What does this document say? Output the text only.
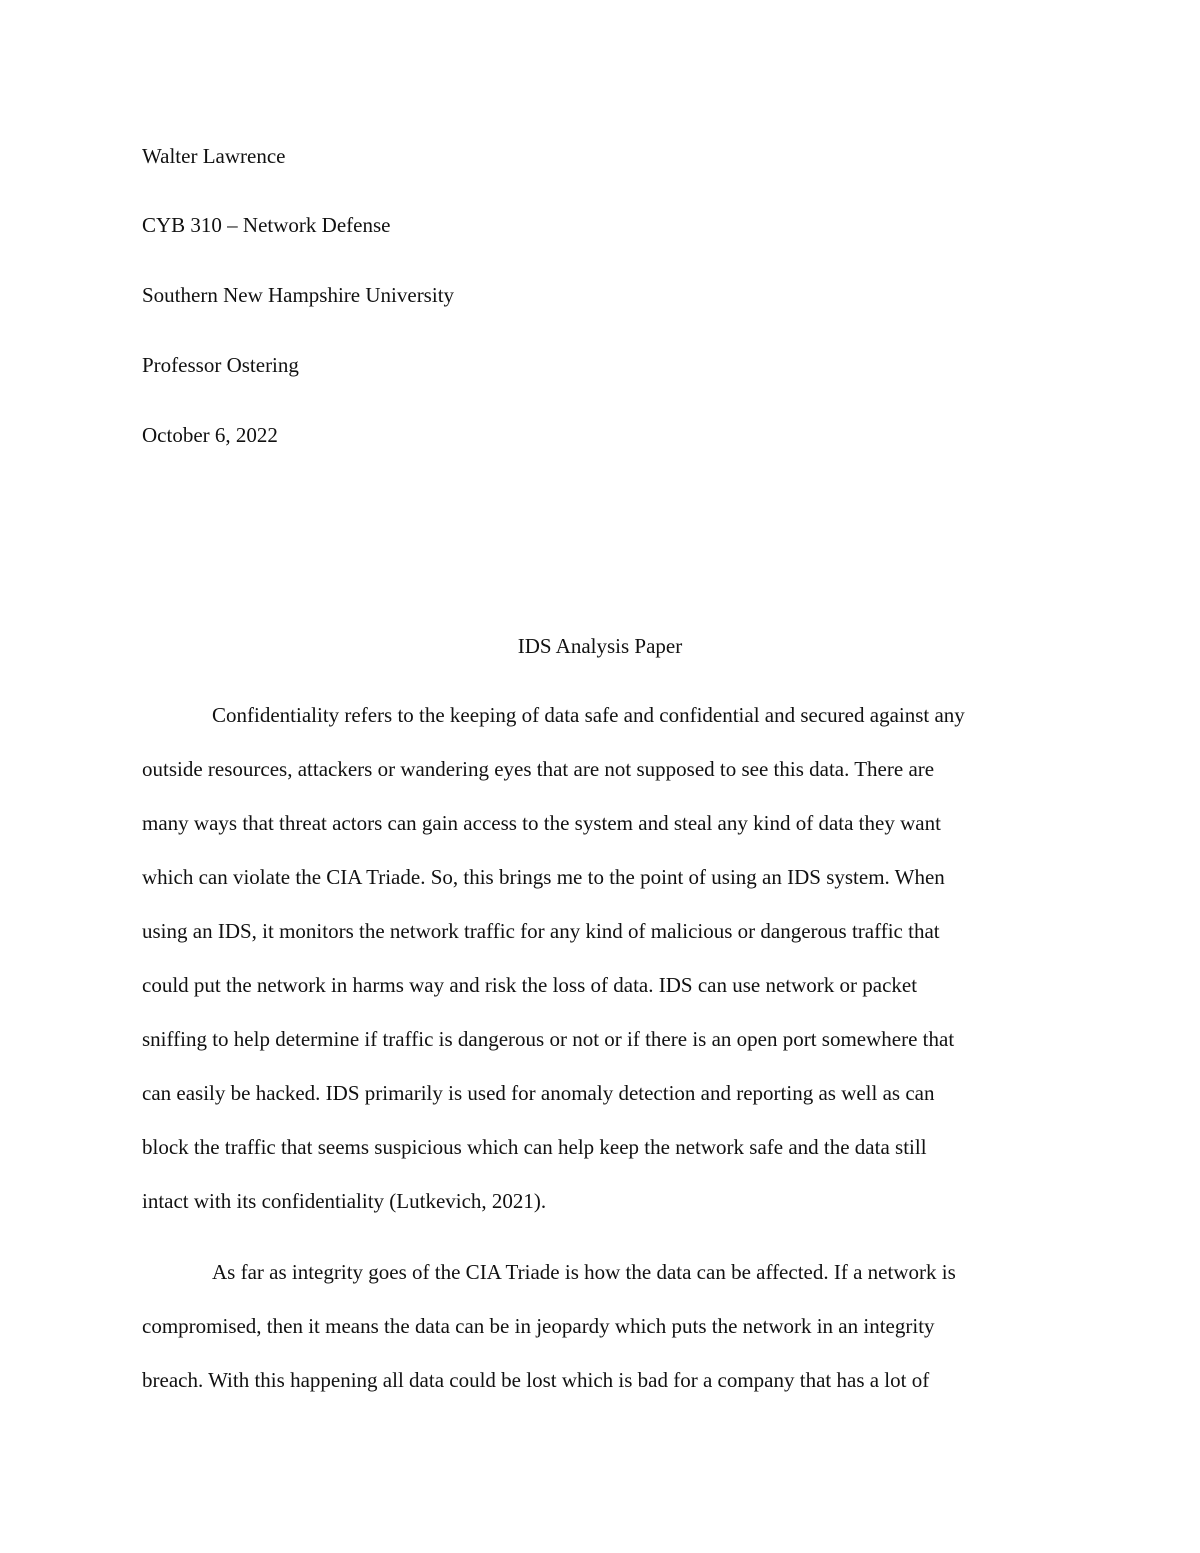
Walter Lawrence

CYB 310 – Network Defense

Southern New Hampshire University

Professor Ostering

October 6, 2022

IDS Analysis Paper

Confidentiality refers to the keeping of data safe and confidential and secured against any

outside resources, attackers or wandering eyes that are not supposed to see this data. There are

many ways that threat actors can gain access to the system and steal any kind of data they want

which can violate the CIA Triade. So, this brings me to the point of using an IDS system. When

using an IDS, it monitors the network traffic for any kind of malicious or dangerous traffic that

could put the network in harms way and risk the loss of data. IDS can use network or packet

sniffing to help determine if traffic is dangerous or not or if there is an open port somewhere that

can easily be hacked. IDS primarily is used for anomaly detection and reporting as well as can

block the traffic that seems suspicious which can help keep the network safe and the data still

intact with its confidentiality (Lutkevich, 2021).

As far as integrity goes of the CIA Triade is how the data can be affected. If a network is

compromised, then it means the data can be in jeopardy which puts the network in an integrity

breach. With this happening all data could be lost which is bad for a company that has a lot of
